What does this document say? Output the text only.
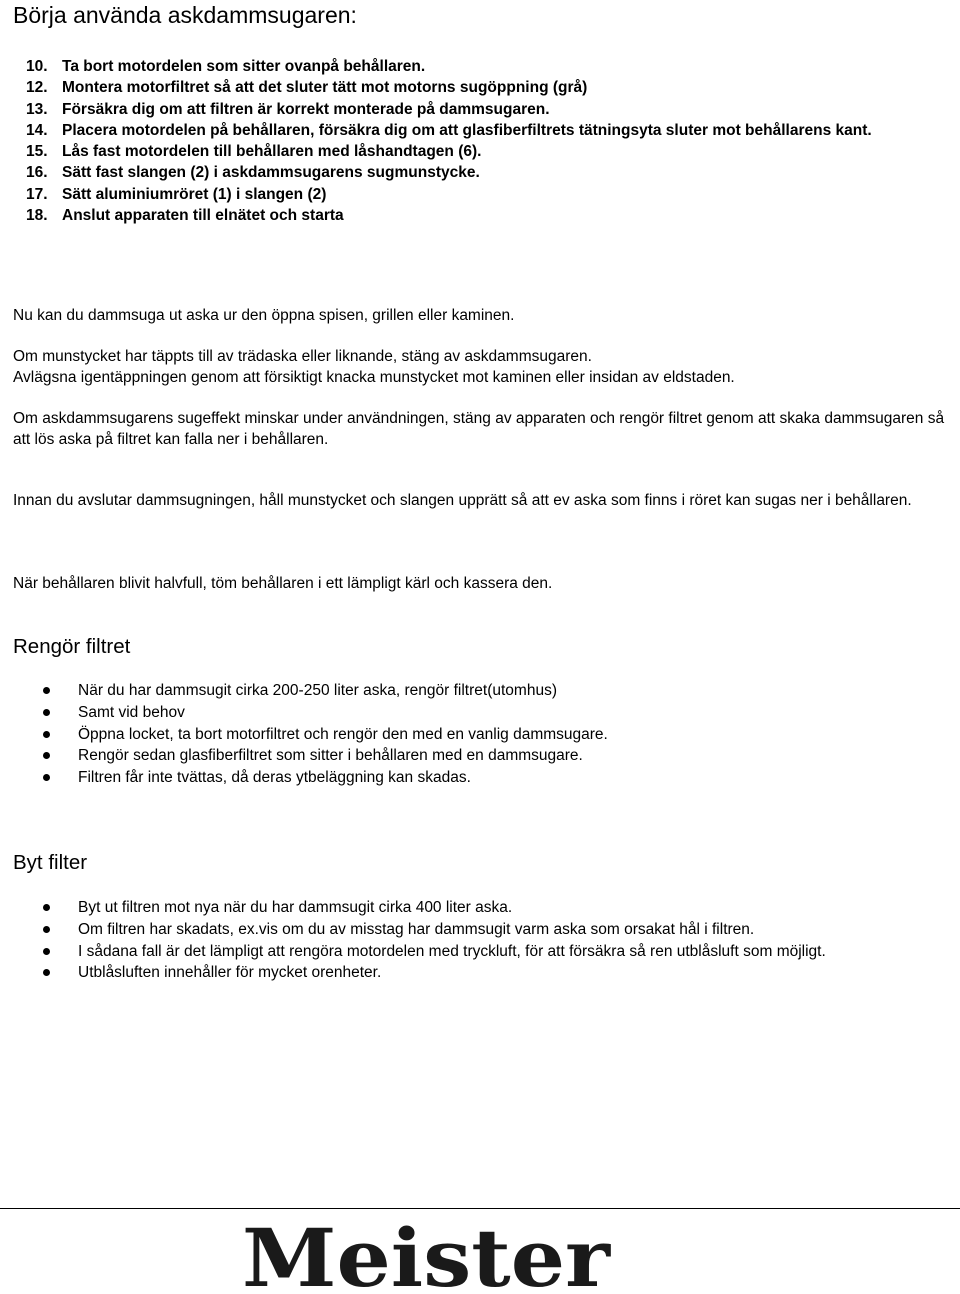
Börja använda askdammsugaren:
10. Ta bort motordelen som sitter ovanpå behållaren.
12. Montera motorfiltret så att det sluter tätt mot motorns sugöppning (grå)
13. Försäkra dig om att filtren är korrekt monterade på dammsugaren.
14. Placera motordelen på behållaren, försäkra dig om att glasfiberfiltrets tätningsyta sluter mot behållarens kant.
15. Lås fast motordelen till behållaren med låshandtagen (6).
16. Sätt fast slangen (2) i askdammsugarens sugmunstycke.
17. Sätt aluminiumröret (1) i slangen (2)
18. Anslut apparaten till elnätet och starta

Nu kan du dammsuga ut aska ur den öppna spisen, grillen eller kaminen.

Om munstycket har täppts till av trädaska eller liknande, stäng av askdammsugaren.
Avlägsna igentäppningen genom att försiktigt knacka munstycket mot kaminen eller insidan av eldstaden.

Om askdammsugarens sugeffekt minskar under användningen, stäng av apparaten och rengör filtret genom att skaka dammsugaren så att lös aska på filtret kan falla ner i behållaren.

Innan du avslutar dammsugningen, håll munstycket och slangen upprätt så att ev aska som finns i röret kan sugas ner i behållaren.

När behållaren blivit halvfull, töm behållaren i ett lämpligt kärl och kassera den.

Rengör filtret
När du har dammsugit cirka 200-250 liter aska, rengör filtret(utomhus)
Samt vid behov
Öppna locket, ta bort motorfiltret och rengör den med en vanlig dammsugare.
Rengör sedan glasfiberfiltret som sitter i behållaren med en dammsugare.
Filtren får inte tvättas, då deras ytbeläggning kan skadas.
Byt filter
Byt ut filtren mot nya när du har dammsugit cirka 400 liter aska.
Om filtren har skadats, ex.vis om du av misstag har dammsugit varm aska som orsakat hål i filtren.
I sådana fall är det lämpligt att rengöra motordelen med tryckluft, för att försäkra så ren utblåsluft som möjligt.
Utblåsluften innehåller för mycket orenheter.
Meister
